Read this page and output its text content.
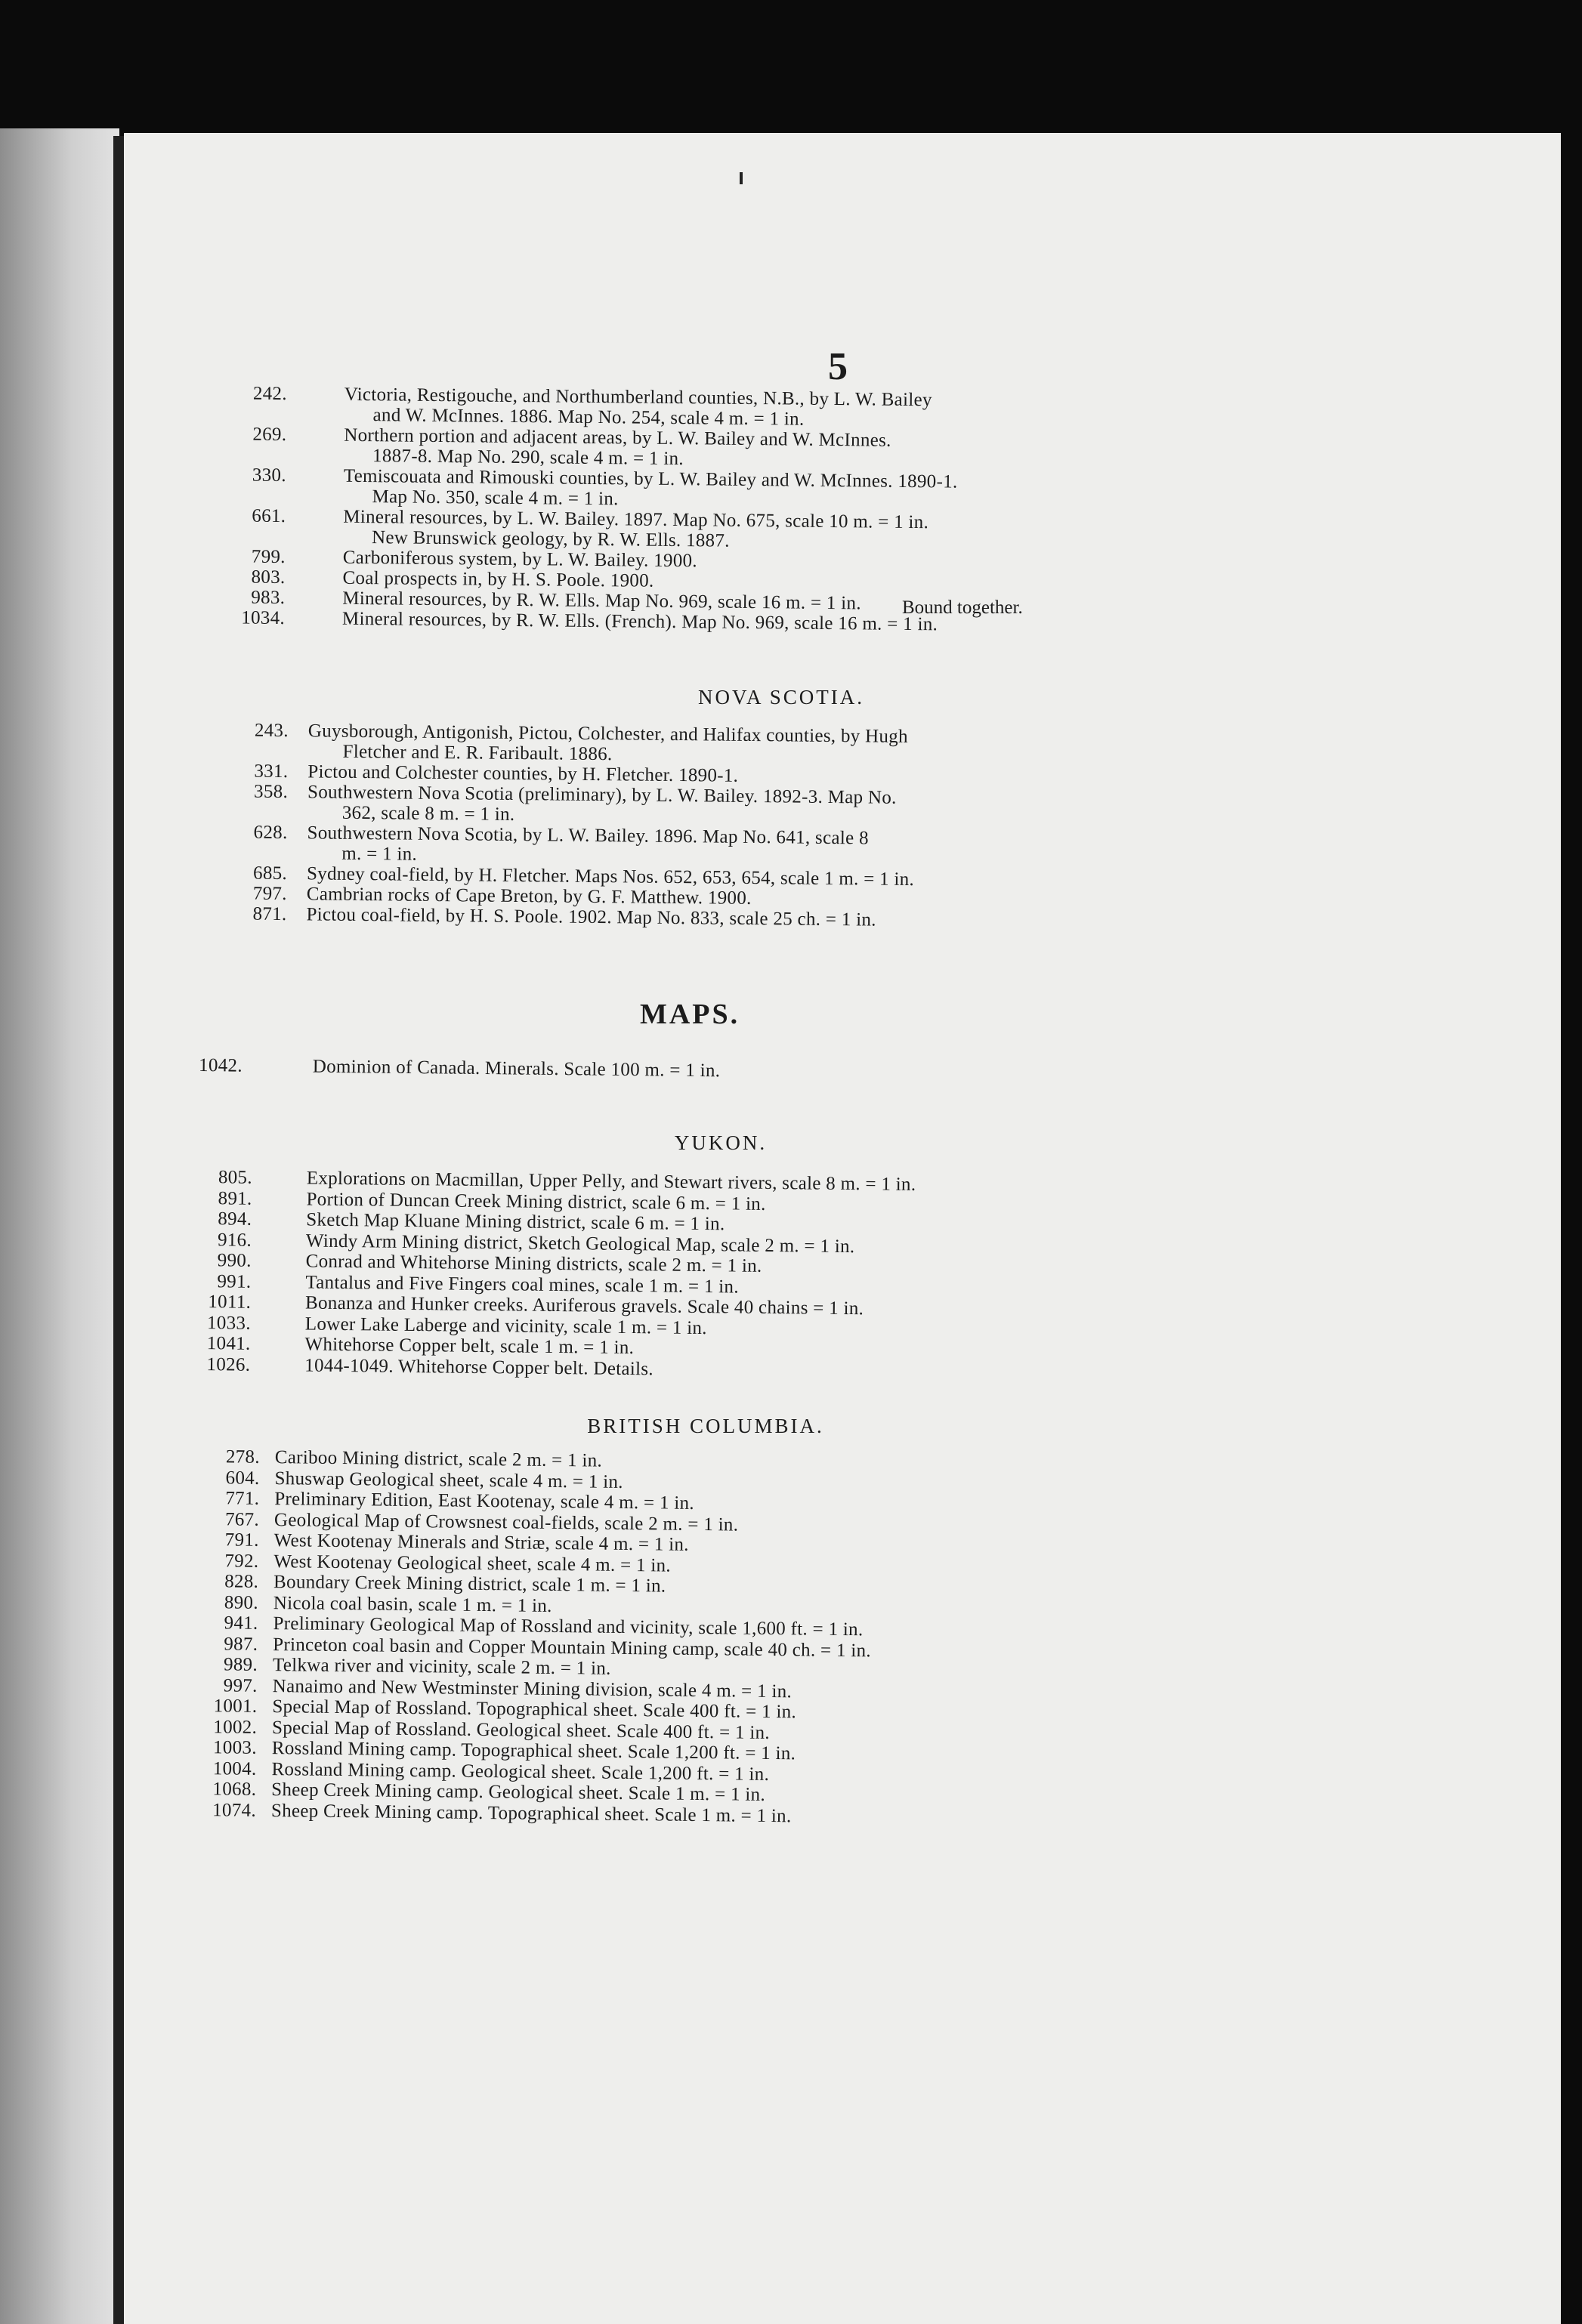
5
242.	Victoria, Restigouche, and Northumberland counties, N.B., by L. W. Bailey
and W. McInnes. 1886. Map No. 254, scale 4 m. = 1 in.
269.	Northern portion and adjacent areas, by L. W. Bailey and W. McInnes.
1887-8. Map No. 290, scale 4 m. = 1 in.
330.	Temiscouata and Rimouski counties, by L. W. Bailey and W. McInnes. 1890-1.
Map No. 350, scale 4 m. = 1 in.
661.	Mineral resources, by L. W. Bailey. 1897. Map No. 675, scale 10 m. = 1 in.
New Brunswick geology, by R. W. Ells. 1887.
799.	Carboniferous system, by L. W. Bailey. 1900.
803.	Coal prospects in, by H. S. Poole. 1900.
983.	Mineral resources, by R. W. Ells. Map No. 969, scale 16 m. = 1 in.
1034.	Mineral resources, by R. W. Ells. (French). Map No. 969, scale 16 m. = 1 in.
Bound together.
NOVA SCOTIA.
243. Guysborough, Antigonish, Pictou, Colchester, and Halifax counties, by Hugh
Fletcher and E. R. Faribault. 1886.
331. Pictou and Colchester counties, by H. Fletcher. 1890-1.
358. Southwestern Nova Scotia (preliminary), by L. W. Bailey. 1892-3. Map No.
362, scale 8 m. = 1 in.
628. Southwestern Nova Scotia, by L. W. Bailey. 1896. Map No. 641, scale 8
m. = 1 in.
685. Sydney coal-field, by H. Fletcher. Maps Nos. 652, 653, 654, scale 1 m. = 1 in.
797. Cambrian rocks of Cape Breton, by G. F. Matthew. 1900.
871. Pictou coal-field, by H. S. Poole. 1902. Map No. 833, scale 25 ch. = 1 in.
MAPS.
1042.	Dominion of Canada. Minerals. Scale 100 m. = 1 in.
YUKON.
805.	Explorations on Macmillan, Upper Pelly, and Stewart rivers, scale 8 m. = 1 in.
891.	Portion of Duncan Creek Mining district, scale 6 m. = 1 in.
894.	Sketch Map Kluane Mining district, scale 6 m. = 1 in.
916.	Windy Arm Mining district, Sketch Geological Map, scale 2 m. = 1 in.
990.	Conrad and Whitehorse Mining districts, scale 2 m. = 1 in.
991.	Tantalus and Five Fingers coal mines, scale 1 m. = 1 in.
1011.	Bonanza and Hunker creeks. Auriferous gravels. Scale 40 chains = 1 in.
1033.	Lower Lake Laberge and vicinity, scale 1 m. = 1 in.
1041.	Whitehorse Copper belt, scale 1 m. = 1 in.
1026.	1044-1049. Whitehorse Copper belt. Details.
BRITISH COLUMBIA.
278. Cariboo Mining district, scale 2 m. = 1 in.
604. Shuswap Geological sheet, scale 4 m. = 1 in.
771. Preliminary Edition, East Kootenay, scale 4 m. = 1 in.
767. Geological Map of Crowsnest coal-fields, scale 2 m. = 1 in.
791. West Kootenay Minerals and Striæ, scale 4 m. = 1 in.
792. West Kootenay Geological sheet, scale 4 m. = 1 in.
828. Boundary Creek Mining district, scale 1 m. = 1 in.
890. Nicola coal basin, scale 1 m. = 1 in.
941. Preliminary Geological Map of Rossland and vicinity, scale 1,600 ft. = 1 in.
987. Princeton coal basin and Copper Mountain Mining camp, scale 40 ch. = 1 in.
989. Telkwa river and vicinity, scale 2 m. = 1 in.
997. Nanaimo and New Westminster Mining division, scale 4 m. = 1 in.
1001. Special Map of Rossland. Topographical sheet. Scale 400 ft. = 1 in.
1002. Special Map of Rossland. Geological sheet. Scale 400 ft. = 1 in.
1003. Rossland Mining camp. Topographical sheet. Scale 1,200 ft. = 1 in.
1004. Rossland Mining camp. Geological sheet. Scale 1,200 ft. = 1 in.
1068. Sheep Creek Mining camp. Geological sheet. Scale 1 m. = 1 in.
1074. Sheep Creek Mining camp. Topographical sheet. Scale 1 m. = 1 in.
